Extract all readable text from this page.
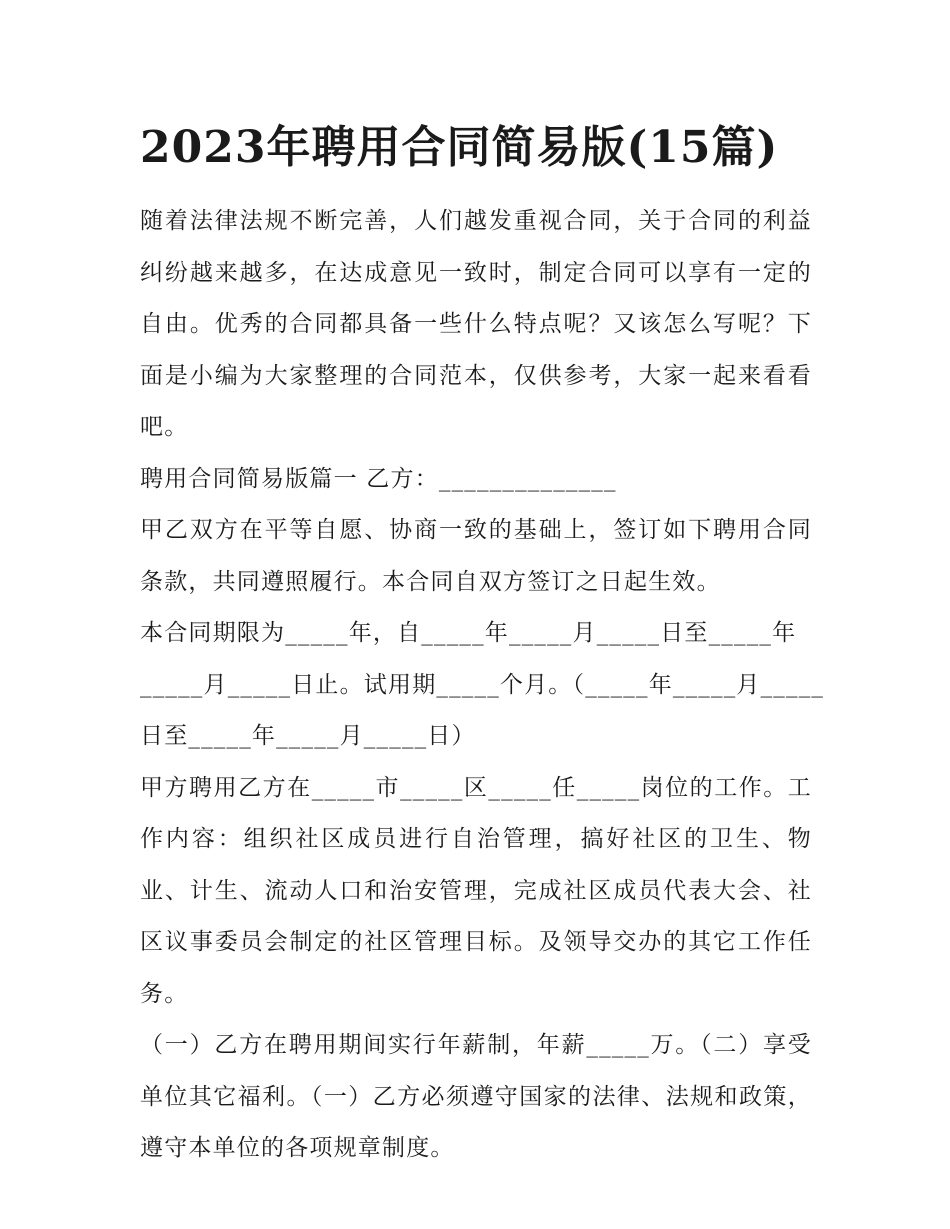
2023年聘用合同简易版(15篇)

随着法律法规不断完善，人们越发重视合同，关于合同的利益纠纷越来越多，在达成意见一致时，制定合同可以享有一定的自由。优秀的合同都具备一些什么特点呢？又该怎么写呢？下面是小编为大家整理的合同范本，仅供参考，大家一起来看看吧。

聘用合同简易版篇一 乙方：______________

甲乙双方在平等自愿、协商一致的基础上，签订如下聘用合同条款，共同遵照履行。本合同自双方签订之日起生效。

本合同期限为_____年，自_____年_____月_____日至_____年

_____月_____日止。试用期_____个月。（_____年_____月_____

日至_____年_____月_____日）

甲方聘用乙方在_____市_____区_____任_____岗位的工作。工作内容：组织社区成员进行自治管理，搞好社区的卫生、物业、计生、流动人口和治安管理，完成社区成员代表大会、社区议事委员会制定的社区管理目标。及领导交办的其它工作任务。

（一）乙方在聘用期间实行年薪制，年薪_____万。（二）享受单位其它福利。（一）乙方必须遵守国家的法律、法规和政策，遵守本单位的各项规章制度。
